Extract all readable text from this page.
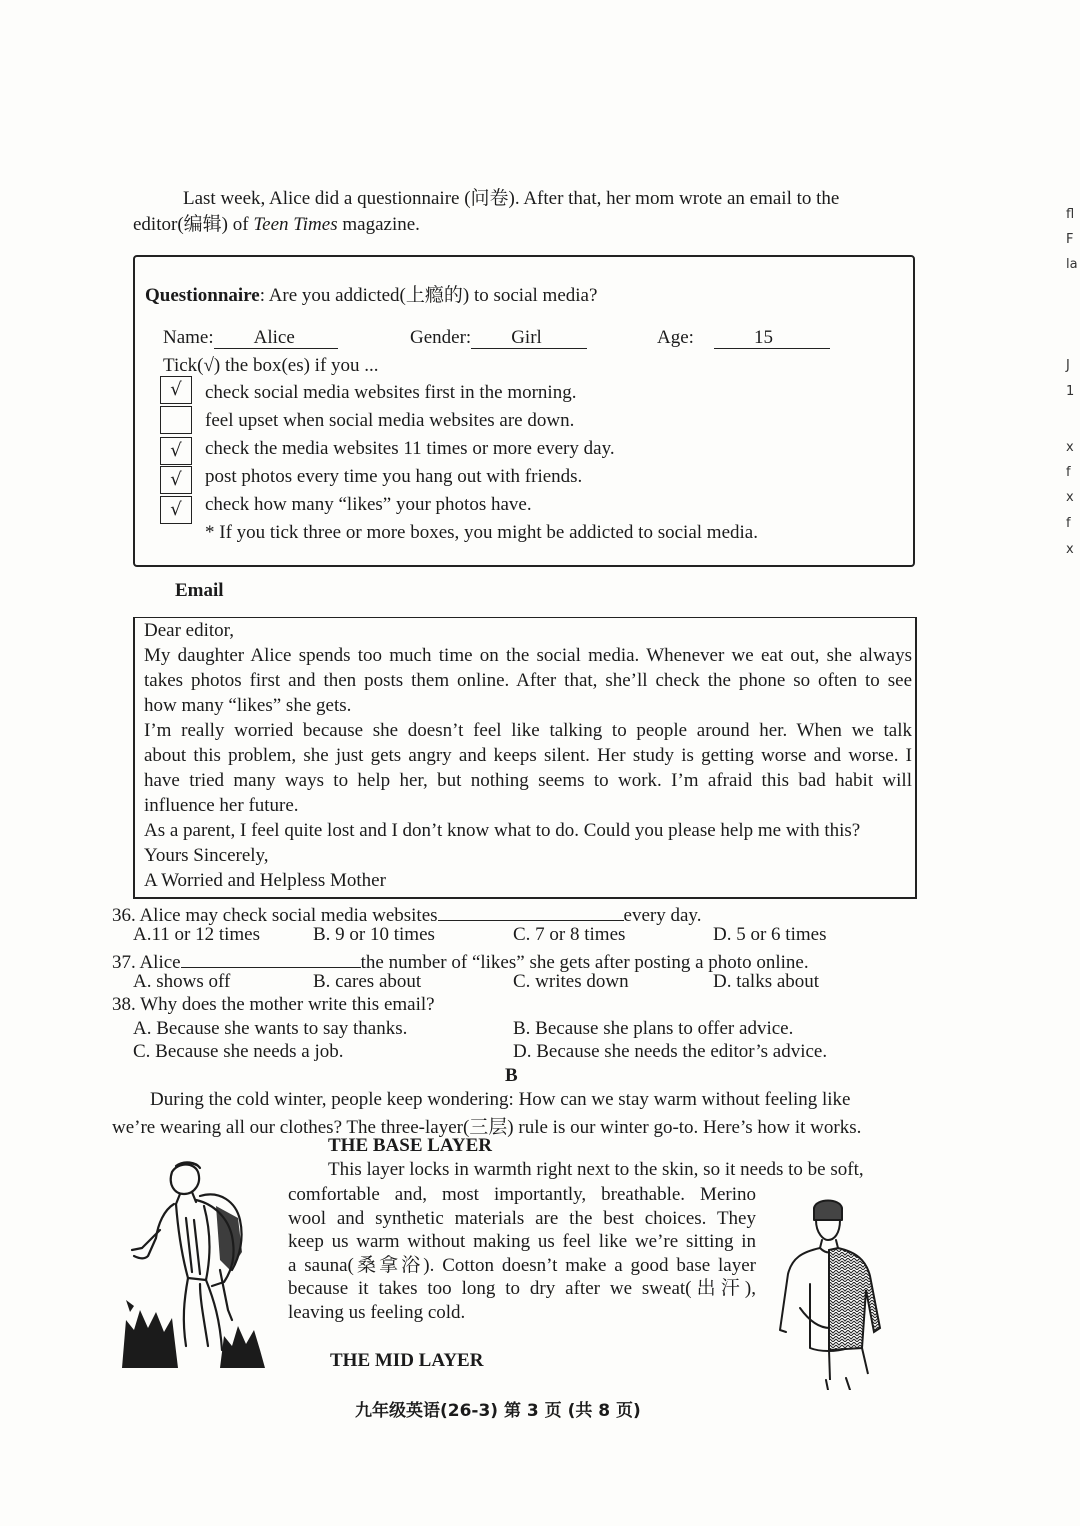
Last week, Alice did a questionnaire (问卷). After that, her mom wrote an email to the
editor(编辑) of Teen Times magazine.
Questionnaire: Are you addicted(上瘾的) to social media?
Name: Alice	Gender: Girl	Age:	15
Tick(√) the box(es) if you ...
√	check social media websites first in the morning.
feel upset when social media websites are down.
√	check the media websites 11 times or more every day.
√	post photos every time you hang out with friends.
√	check how many “likes” your photos have.
* If you tick three or more boxes, you might be addicted to social media.
Email
Dear editor,
My daughter Alice spends too much time on the social media. Whenever we eat out, she always
takes photos first and then posts them online. After that, she’ll check the phone so often to see
how many “likes” she gets.
I’m really worried because she doesn’t feel like talking to people around her. When we talk
about this problem, she just gets angry and keeps silent. Her study is getting worse and worse. I
have tried many ways to help her, but nothing seems to work. I’m afraid this bad habit will
influence her future.
As a parent, I feel quite lost and I don’t know what to do. Could you please help me with this?
Yours Sincerely,
A Worried and Helpless Mother
36. Alice may check social media websites	every day.
A.11 or 12 times	B. 9 or 10 times	C. 7 or 8 times	D. 5 or 6 times
37. Alice	the number of “likes” she gets after posting a photo online.
A. shows off	B. cares about	C. writes down	D. talks about
38. Why does the mother write this email?
A. Because she wants to say thanks.	B. Because she plans to offer advice.
C. Because she needs a job.	D. Because she needs the editor’s advice.
B
During the cold winter, people keep wondering: How can we stay warm without feeling like
we’re wearing all our clothes? The three-layer(三层) rule is our winter go-to. Here’s how it works.
THE BASE LAYER
This layer locks in warmth right next to the skin, so it needs to be soft,
comfortable and, most importantly, breathable. Merino
wool and synthetic materials are the best choices. They
keep us warm without making us feel like we’re sitting in
a sauna(桑拿浴). Cotton doesn’t make a good base layer
because it takes too long to dry after we sweat(出汗),
leaving us feeling cold.
THE MID LAYER
九年级英语(26-3) 第 3 页 (共 8 页)
fl
F
la
J
1
x
f
x
f
x
